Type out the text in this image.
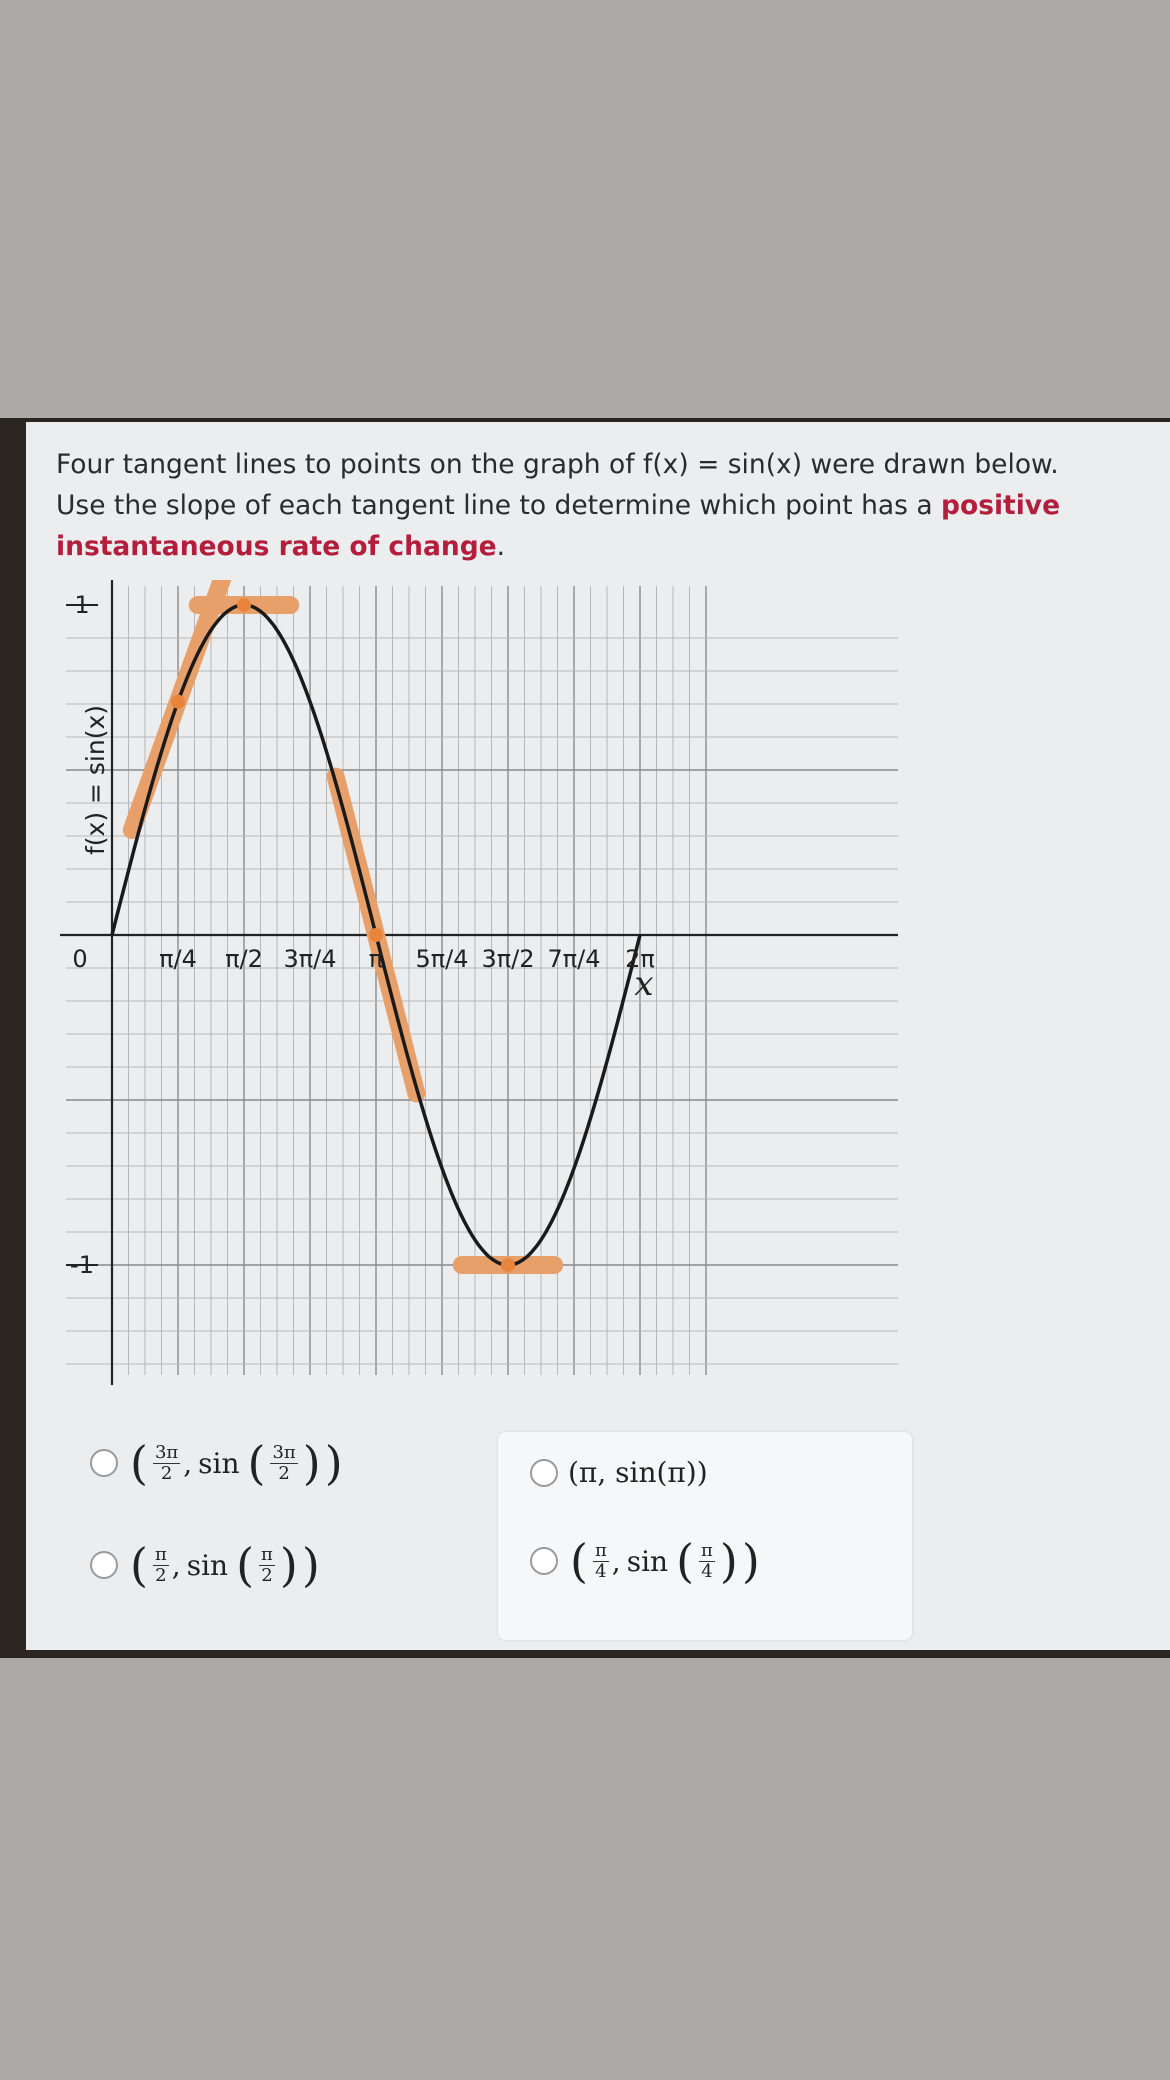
Four tangent lines to points on the graph of f(x) = sin(x) were drawn below. Use the slope of each tangent line to determine which point has a positive instantaneous rate of change.
π/4 π/2 3π/4 π 5π/4 3π/2 7π/4 2π
0
1
-1
x
f(x) = sin(x)
( $\frac{3\pi}{2}$ , sin ( $\frac{3\pi}{2}$ ) )
( $\frac{\pi}{2}$ , sin ( $\frac{\pi}{2}$ ) )
(π, sin(π))
( $\frac{\pi}{4}$ , sin ( $\frac{\pi}{4}$ ) )
